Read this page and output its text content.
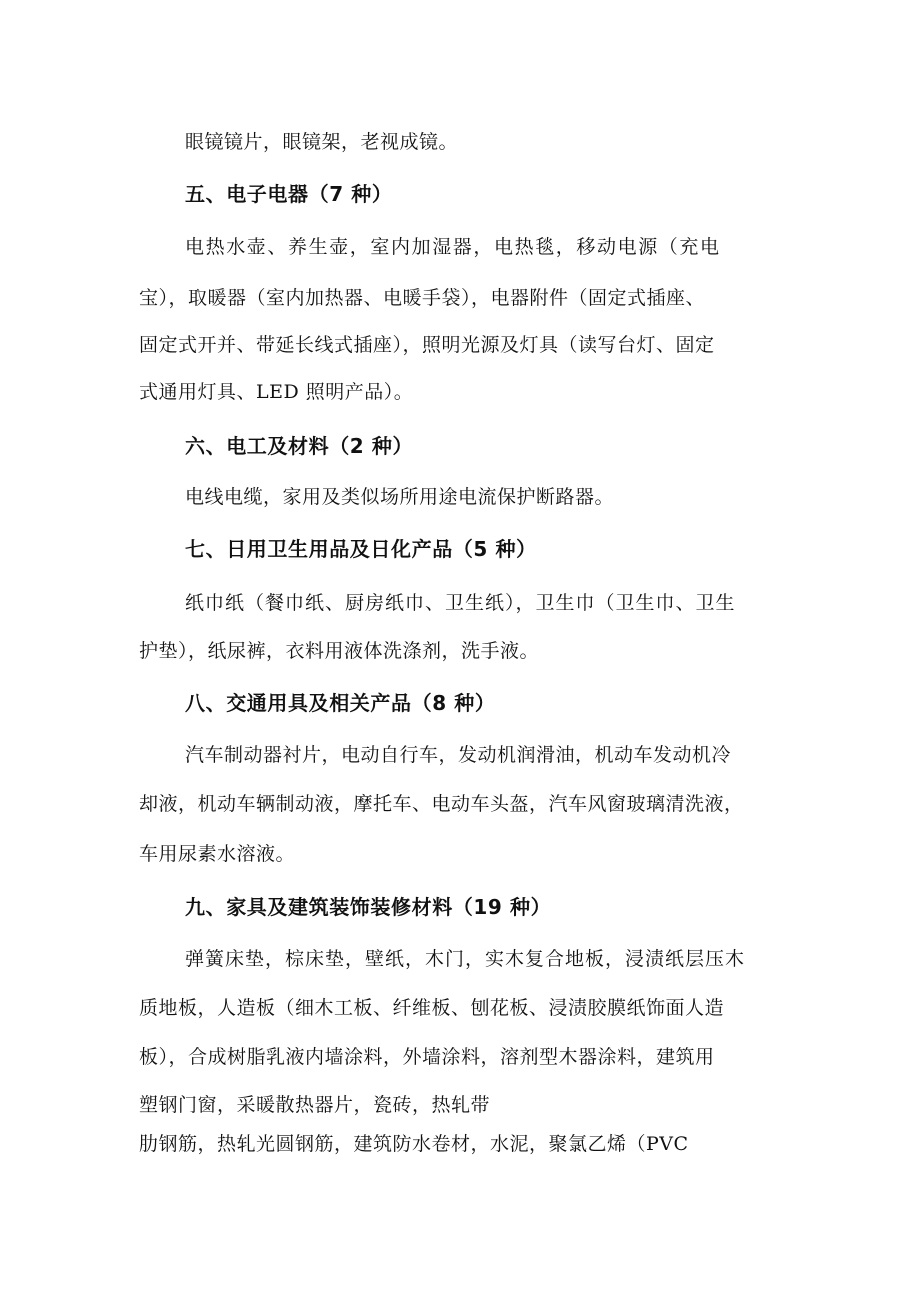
眼镜镜片，眼镜架，老视成镜。
五、电子电器（7 种）
电热水壶、养生壶，室内加湿器，电热毯，移动电源（充电
宝），取暖器（室内加热器、电暖手袋），电器附件（固定式插座、
固定式开并、带延长线式插座），照明光源及灯具（读写台灯、固定
式通用灯具、LED 照明产品）。
六、电工及材料（2 种）
电线电缆，家用及类似场所用途电流保护断路器。
七、日用卫生用品及日化产品（5 种）
纸巾纸（餐巾纸、厨房纸巾、卫生纸），卫生巾（卫生巾、卫生
护垫），纸尿裤，衣料用液体洗涤剂，洗手液。
八、交通用具及相关产品（8 种）
汽车制动器衬片，电动自行车，发动机润滑油，机动车发动机冷
却液，机动车辆制动液，摩托车、电动车头盔，汽车风窗玻璃清洗液，
车用尿素水溶液。
九、家具及建筑装饰装修材料（19 种）
弹簧床垫，棕床垫，壁纸，木门，实木复合地板，浸渍纸层压木
质地板，人造板（细木工板、纤维板、刨花板、浸渍胶膜纸饰面人造
板），合成树脂乳液内墙涂料，外墙涂料，溶剂型木器涂料，建筑用
塑钢门窗，采暖散热器片，瓷砖，热轧带
肋钢筋，热轧光圆钢筋，建筑防水卷材，水泥，聚氯乙烯（PVC
